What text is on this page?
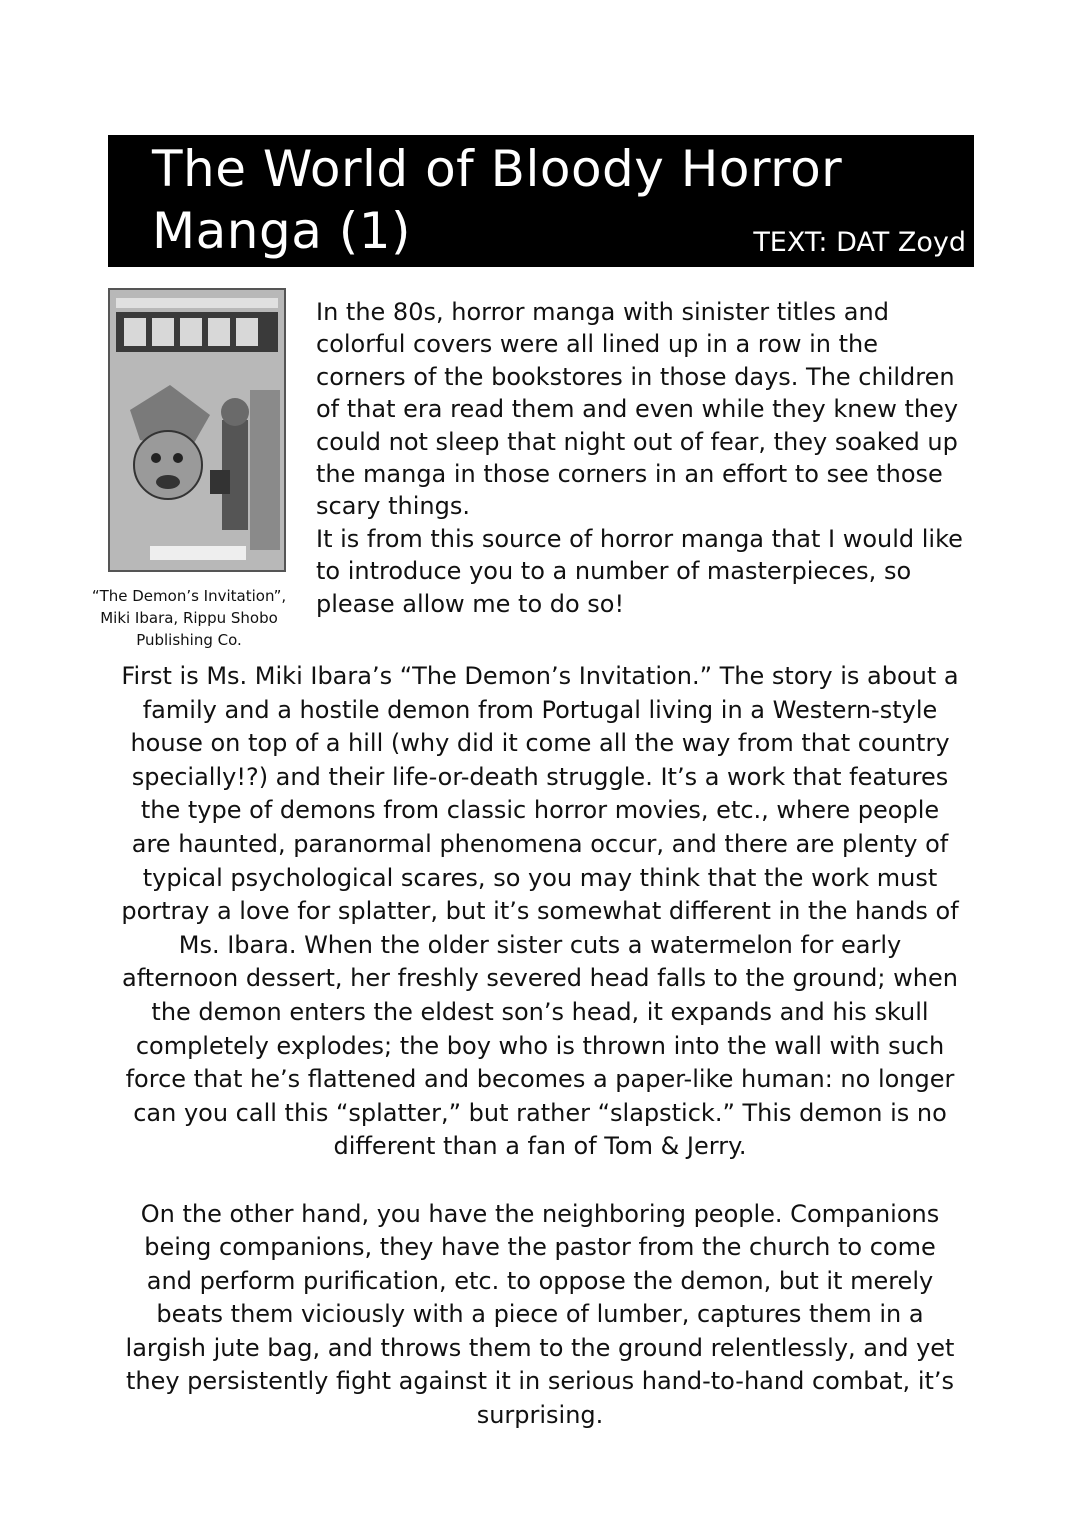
The World of Bloody Horror
Manga (1)	TEXT: DAT Zoyd
“The Demon’s Invitation”, Miki Ibara, Rippu Shobo Publishing Co.

In the 80s, horror manga with sinister titles and colorful covers were all lined up in a row in the corners of the bookstores in those days. The children of that era read them and even while they knew they could not sleep that night out of fear, they soaked up the manga in those corners in an effort to see those scary things.

It is from this source of horror manga that I would like to introduce you to a number of masterpieces, so please allow me to do so!

First is Ms. Miki Ibara’s “The Demon’s Invitation.” The story is about a family and a hostile demon from Portugal living in a Western-style house on top of a hill (why did it come all the way from that country specially!?) and their life-or-death struggle. It’s a work that features the type of demons from classic horror movies, etc., where people are haunted, paranormal phenomena occur, and there are plenty of typical psychological scares, so you may think that the work must portray a love for splatter, but it’s somewhat different in the hands of Ms. Ibara. When the older sister cuts a watermelon for early afternoon dessert, her freshly severed head falls to the ground; when the demon enters the eldest son’s head, it expands and his skull completely explodes; the boy who is thrown into the wall with such force that he’s flattened and becomes a paper-like human: no longer can you call this “splatter,” but rather “slapstick.” This demon is no different than a fan of Tom & Jerry.

On the other hand, you have the neighboring people. Companions being companions, they have the pastor from the church to come and perform purification, etc. to oppose the demon, but it merely beats them viciously with a piece of lumber, captures them in a largish jute bag, and throws them to the ground relentlessly, and yet they persistently fight against it in serious hand-to-hand combat, it’s surprising.
